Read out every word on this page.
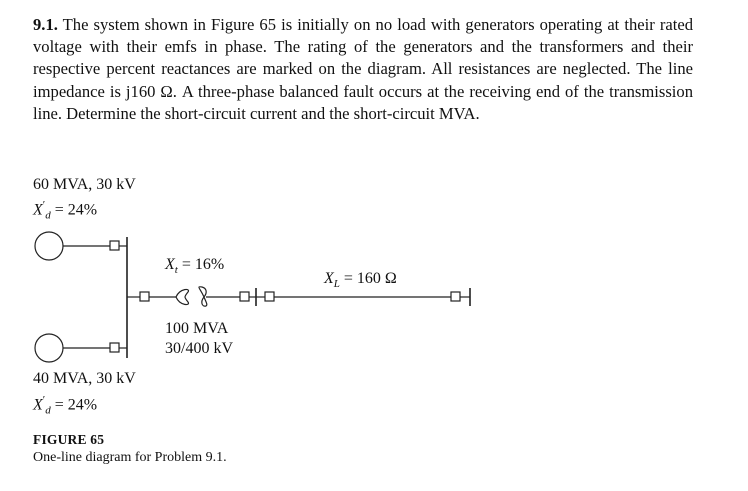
9.1. The system shown in Figure 65 is initially on no load with generators operating at their rated voltage with their emfs in phase. The rating of the generators and the transformers and their respective percent reactances are marked on the diagram. All resistances are neglected. The line impedance is j160 Ω. A three-phase balanced fault occurs at the receiving end of the transmission line. Determine the short-circuit current and the short-circuit MVA.

60 MVA, 30 kV
$X'_d = 24\%$
$X_t = 16\%$
100 MVA
30/400 kV
$X_L = 160$ Ω
40 MVA, 30 kV
$X'_d = 24\%$
FIGURE 65
One-line diagram for Problem 9.1.
